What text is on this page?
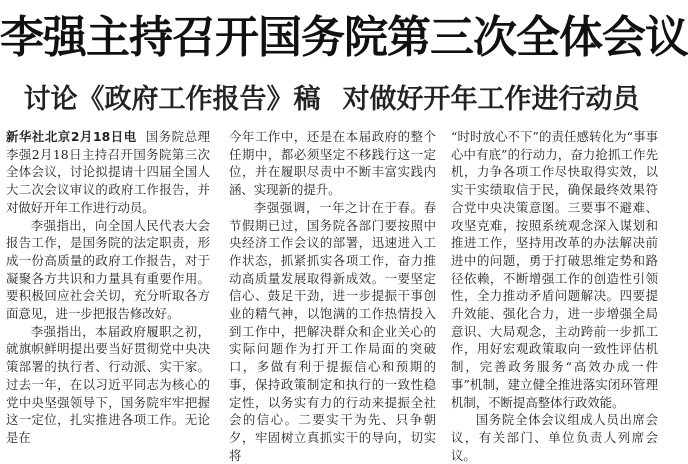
李强主持召开国务院第三次全体会议
讨论《政府工作报告》稿 对做好开年工作进行动员

新华社北京2月18日电 国务院总理李强2月18日主持召开国务院第三次全体会议，讨论拟提请十四届全国人大二次会议审议的政府工作报告，并对做好开年工作进行动员。

李强指出，向全国人民代表大会报告工作，是国务院的法定职责，形成一份高质量的政府工作报告，对于凝聚各方共识和力量具有重要作用。要积极回应社会关切，充分听取各方面意见，进一步把报告修改好。

李强指出，本届政府履职之初，就旗帜鲜明提出要当好贯彻党中央决策部署的执行者、行动派、实干家。过去一年，在以习近平同志为核心的党中央坚强领导下，国务院牢牢把握这一定位，扎实推进各项工作。无论是在

今年工作中，还是在本届政府的整个任期中，都必须坚定不移践行这一定位，并在履职尽责中不断丰富实践内涵、实现新的提升。

李强强调，一年之计在于春。春节假期已过，国务院各部门要按照中央经济工作会议的部署，迅速进入工作状态，抓紧抓实各项工作，奋力推动高质量发展取得新成效。一要坚定信心、鼓足干劲，进一步提振干事创业的精气神，以饱满的工作热情投入到工作中，把解决群众和企业关心的实际问题作为打开工作局面的突破口，多做有利于提振信心和预期的事，保持政策制定和执行的一致性稳定性，以务实有力的行动来提振全社会的信心。二要实干为先、只争朝夕，牢固树立真抓实干的导向，切实将

“时时放心不下”的责任感转化为“事事心中有底”的行动力，奋力抢抓工作先机，力争各项工作尽快取得实效，以实干实绩取信于民，确保最终效果符合党中央决策意图。三要事不避难、攻坚克难，按照系统观念深入谋划和推进工作，坚持用改革的办法解决前进中的问题，勇于打破思维定势和路径依赖，不断增强工作的创造性引领性，全力推动矛盾问题解决。四要提升效能、强化合力，进一步增强全局意识、大局观念，主动跨前一步抓工作，用好宏观政策取向一致性评估机制，完善政务服务“高效办成一件事”机制，建立健全推进落实闭环管理机制，不断提高整体行政效能。

国务院全体会议组成人员出席会议，有关部门、单位负责人列席会议。
